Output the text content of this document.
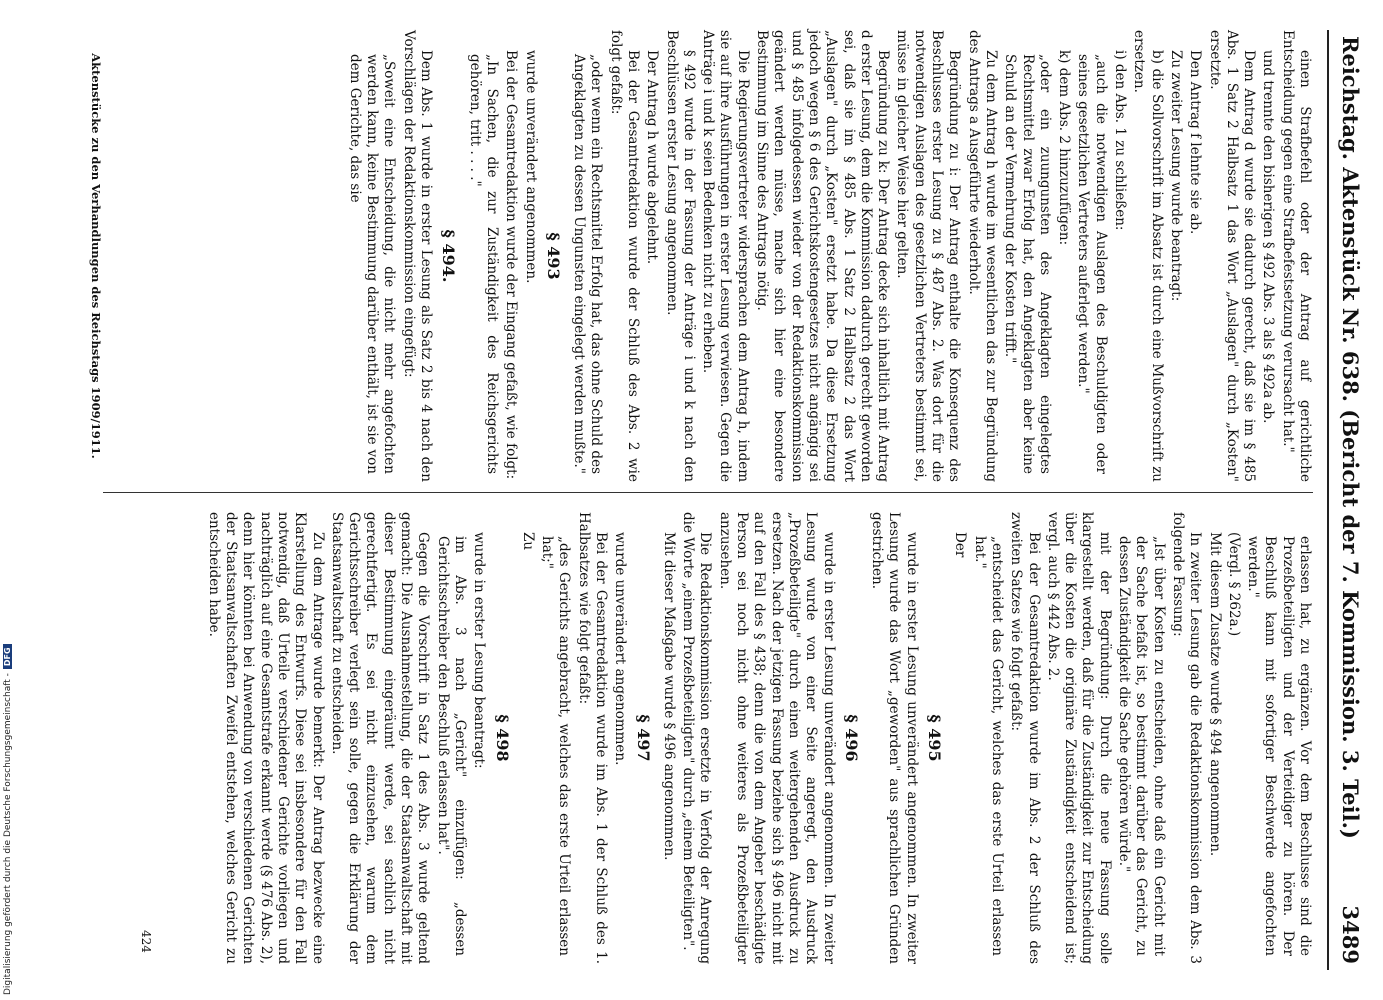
Reichstag. Aktenstück Nr. 638. (Bericht der 7. Kommission. 3. Teil.)
3489

einen Strafbefehl oder der Antrag auf gerichtliche Entscheidung gegen eine Strafbefestsetzung verursacht hat."

und trennte den bisherigen § 492 Abs. 3 als § 492a ab.

Dem Antrag d wurde sie dadurch gerecht, daß sie im § 485 Abs. 1 Satz 2 Halbsatz 1 das Wort „Auslagen" durch „Kosten" ersetzte.

Den Antrag f lehnte sie ab.

Zu zweiter Lesung wurde beantragt:

b) die Sollvorschrift im Absatz ist durch eine Mußvorschrift zu ersetzen.

i) den Abs. 1 zu schließen:

„auch die notwendigen Auslagen des Beschuldigten oder seines gesetzlichen Vertreters auferlegt werden."

k) dem Abs. 2 hinzuzufügen:

„oder ein zuungunsten des Angeklagten eingelegtes Rechtsmittel zwar Erfolg hat, den Angeklagten aber keine Schuld an der Vermehrung der Kosten trifft."

Zu dem Antrag h wurde im wesentlichen das zur Begründung des Antrags a Ausgeführte wiederholt.

Begründung zu i: Der Antrag enthalte die Konsequenz des Beschlusses erster Lesung zu § 487 Abs. 2. Was dort für die notwendigen Auslagen des gesetzlichen Vertreters bestimmt sei, müsse in gleicher Weise hier gelten.

Begründung zu k: Der Antrag decke sich inhaltlich mit Antrag d erster Lesung, dem die Kommission dadurch gerecht geworden sei, daß sie im § 485 Abs. 1 Satz 2 Halbsatz 2 das Wort „Auslagen" durch „Kosten" ersetzt habe. Da diese Ersetzung jedoch wegen § 6 des Gerichtskostengesetzes nicht angängig sei und § 485 infolgedessen wieder von der Redaktionskommission geändert werden müsse, mache sich hier eine besondere Bestimmung im Sinne des Antrags nötig.

Die Regierungsvertreter widersprachen dem Antrag h, indem sie auf ihre Ausführungen in erster Lesung verwiesen. Gegen die Anträge i und k seien Bedenken nicht zu erheben.

§ 492 wurde in der Fassung der Anträge i und k nach den Beschlüssen erster Lesung angenommen.

Der Antrag h wurde abgelehnt.

Bei der Gesamtredaktion wurde der Schluß des Abs. 2 wie folgt gefaßt:

„oder wenn ein Rechtsmittel Erfolg hat, das ohne Schuld des Angeklagten zu dessen Ungunsten eingelegt werden mußte."

§ 493

wurde unverändert angenommen.

Bei der Gesamtredaktion wurde der Eingang gefaßt, wie folgt:

„In Sachen, die zur Zuständigkeit des Reichsgerichts gehören, tritt . . . ."

§ 494.

Dem Abs. 1 wurde in erster Lesung als Satz 2 bis 4 nach den Vorschlägen der Redaktionskommission eingefügt:

„Soweit eine Entscheidung, die nicht mehr angefochten werden kann, keine Bestimmung darüber enthält, ist sie von dem Gerichte, das sie

erlassen hat, zu ergänzen. Vor dem Beschlusse sind die Prozeßbeteiligten und der Verteidiger zu hören. Der Beschluß kann mit sofortiger Beschwerde angefochten werden."

(Vergl. § 262a.)

Mit diesem Zusatze wurde § 494 angenommen.

In zweiter Lesung gab die Redaktionskommission dem Abs. 3 folgende Fassung:

„Ist über Kosten zu entscheiden, ohne daß ein Gericht mit der Sache befaßt ist, so bestimmt darüber das Gericht, zu dessen Zuständigkeit die Sache gehören würde."

mit der Begründung: Durch die neue Fassung solle klargestellt werden, daß für die Zuständigkeit zur Entscheidung über die Kosten die originäre Zuständigkeit entscheidend ist; vergl. auch § 442 Abs. 2.

Bei der Gesamtredaktion wurde im Abs. 2 der Schluß des zweiten Satzes wie folgt gefaßt:

„entscheidet das Gericht, welches das erste Urteil erlassen hat."

Der

§ 495

wurde in erster Lesung unverändert angenommen. In zweiter Lesung wurde das Wort „geworden" aus sprachlichen Gründen gestrichen.

§ 496

wurde in erster Lesung unverändert angenommen. In zweiter Lesung wurde von einer Seite angeregt, den Ausdruck „Prozeßbeteiligte" durch einen weitergehenden Ausdruck zu ersetzen. Nach der jetzigen Fassung beziehe sich § 496 nicht mit auf den Fall des § 438; denn die von dem Angeber beschädigte Person sei noch nicht ohne weiteres als Prozeßbeteiligter anzusehen.

Die Redaktionskommission ersetzte in Verfolg der Anregung die Worte „einem Prozeßbeteiligten" durch „einem Beteiligten".

Mit dieser Maßgabe wurde § 496 angenommen.

§ 497

wurde unverändert angenommen.

Bei der Gesamtredaktion wurde im Abs. 1 der Schluß des 1. Halbsatzes wie folgt gefaßt:

„des Gerichts angebracht, welches das erste Urteil erlassen hat;"

Zu

§ 498

wurde in erster Lesung beantragt:

im Abs. 3 nach „Gericht" einzufügen: „dessen Gerichtsschreiber den Beschluß erlassen hat".

Gegen die Vorschrift in Satz 1 des Abs. 3 wurde geltend gemacht: Die Ausnahmestellung, die der Staatsanwaltschaft mit dieser Bestimmung eingeräumt werde, sei sachlich nicht gerechtfertigt. Es sei nicht einzusehen, warum dem Gerichtsschreiber verlegt sein solle, gegen die Erklärung der Staatsanwaltschaft zu entscheiden.

Zu dem Antrage wurde bemerkt: Der Antrag bezwecke eine Klarstellung des Entwurfs. Diese sei insbesondere für den Fall notwendig, daß Urteile verschiedener Gerichte vorliegen und nachträglich auf eine Gesamtstrafe erkannt werde (§ 476 Abs. 2), denn hier könnten bei Anwendung von verschiedenen Gerichten der Staatsanwaltschaften Zweifel entstehen, welches Gericht zu entscheiden habe.

Aktenstücke zu den Verhandlungen des Reichstags 1909/1911.
424
Digitalisierung gefördert durch die Deutsche Forschungsgemeinschaft -DFG
